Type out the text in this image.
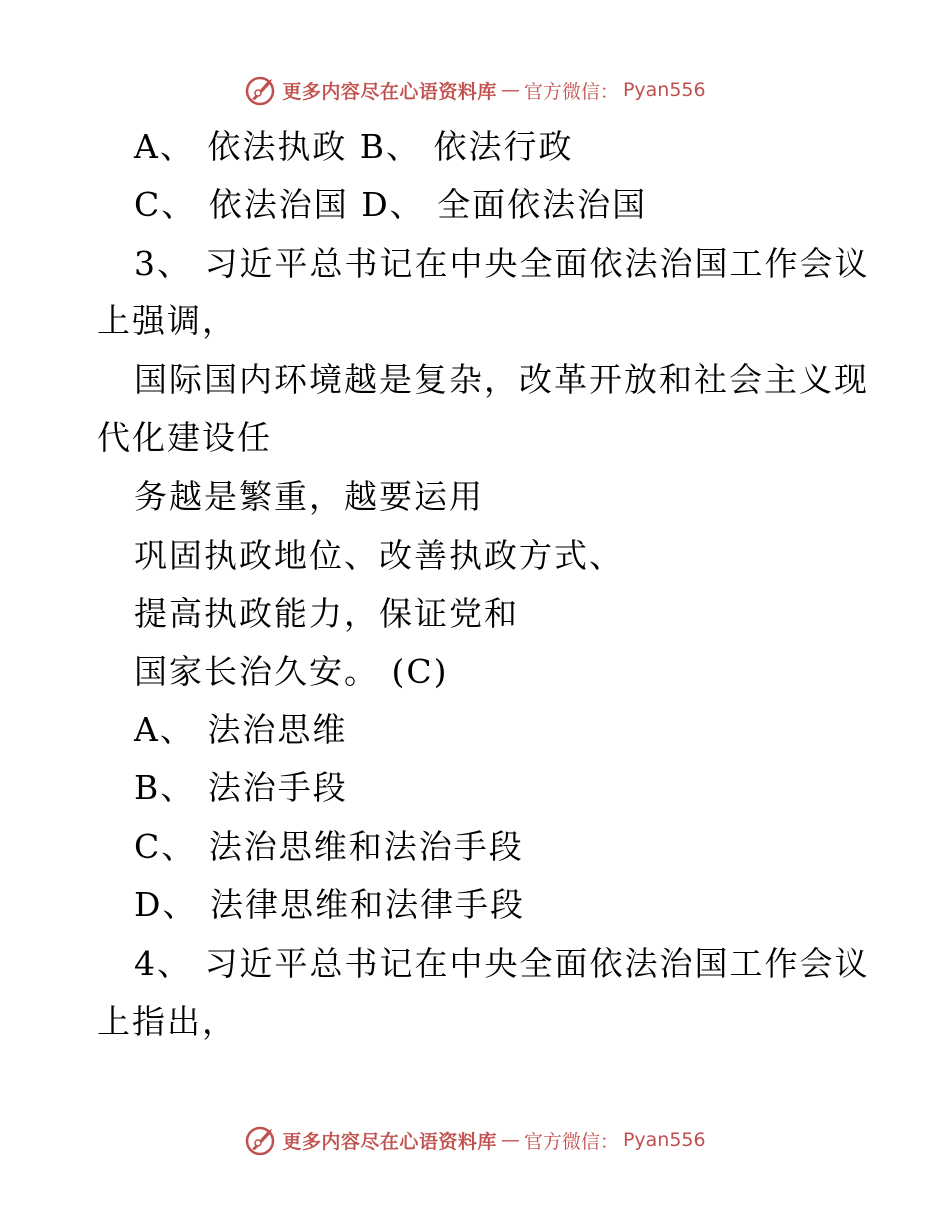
更多内容尽在心语资料库 — 官方微信： Pyan556
A、 依法执政 B、 依法行政
C、 依法治国 D、 全面依法治国
3、 习近平总书记在中央全面依法治国工作会议
上强调，
国际国内环境越是复杂，改革开放和社会主义现
代化建设任
务越是繁重，越要运用
巩固执政地位、改善执政方式、
提高执政能力，保证党和
国家长治久安。 (C)
A、 法治思维
B、 法治手段
C、 法治思维和法治手段
D、 法律思维和法律手段
4、 习近平总书记在中央全面依法治国工作会议
上指出，
更多内容尽在心语资料库 — 官方微信： Pyan556
